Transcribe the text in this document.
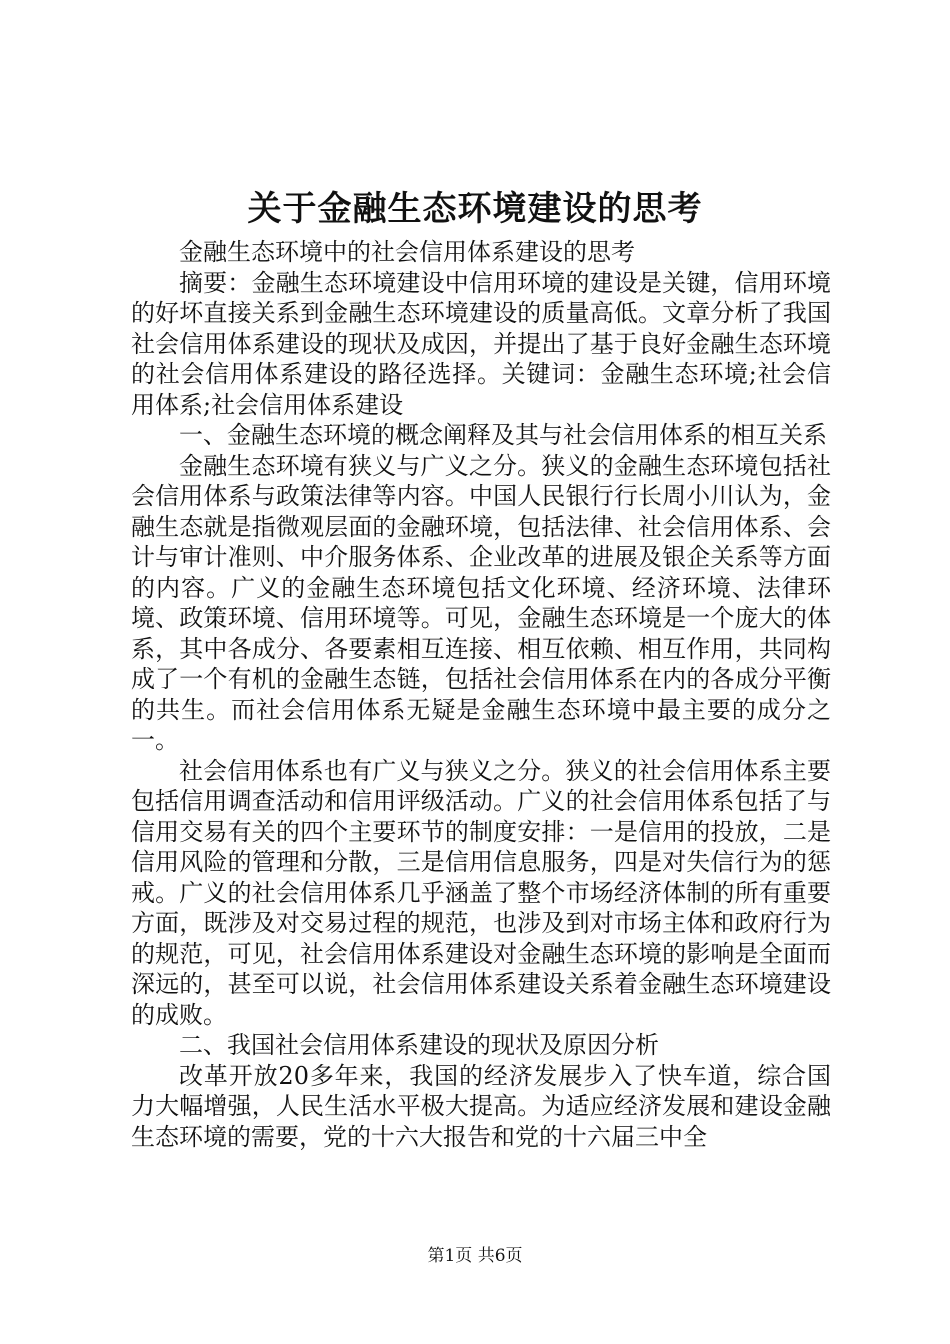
关于金融生态环境建设的思考

金融生态环境中的社会信用体系建设的思考

摘要：金融生态环境建设中信用环境的建设是关键，信用环境的好坏直接关系到金融生态环境建设的质量高低。文章分析了我国社会信用体系建设的现状及成因，并提出了基于良好金融生态环境的社会信用体系建设的路径选择。关键词：金融生态环境;社会信用体系;社会信用体系建设

一、金融生态环境的概念阐释及其与社会信用体系的相互关系

金融生态环境有狭义与广义之分。狭义的金融生态环境包括社会信用体系与政策法律等内容。中国人民银行行长周小川认为，金融生态就是指微观层面的金融环境，包括法律、社会信用体系、会计与审计准则、中介服务体系、企业改革的进展及银企关系等方面的内容。广义的金融生态环境包括文化环境、经济环境、法律环境、政策环境、信用环境等。可见，金融生态环境是一个庞大的体系，其中各成分、各要素相互连接、相互依赖、相互作用，共同构成了一个有机的金融生态链，包括社会信用体系在内的各成分平衡的共生。而社会信用体系无疑是金融生态环境中最主要的成分之一。

社会信用体系也有广义与狭义之分。狭义的社会信用体系主要包括信用调查活动和信用评级活动。广义的社会信用体系包括了与信用交易有关的四个主要环节的制度安排：一是信用的投放，二是信用风险的管理和分散，三是信用信息服务，四是对失信行为的惩戒。广义的社会信用体系几乎涵盖了整个市场经济体制的所有重要方面，既涉及对交易过程的规范，也涉及到对市场主体和政府行为的规范，可见，社会信用体系建设对金融生态环境的影响是全面而深远的，甚至可以说，社会信用体系建设关系着金融生态环境建设的成败。

二、我国社会信用体系建设的现状及原因分析

改革开放20多年来，我国的经济发展步入了快车道，综合国力大幅增强，人民生活水平极大提高。为适应经济发展和建设金融生态环境的需要，党的十六大报告和党的十六届三中全

第1页 共6页
